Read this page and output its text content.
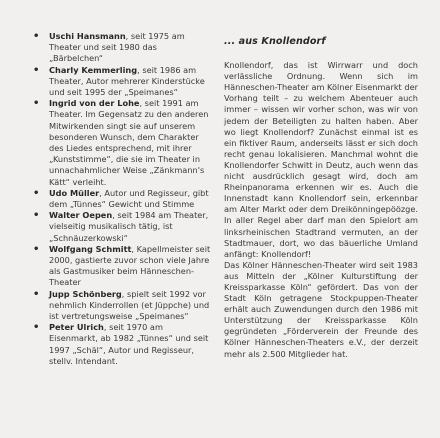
• Uschi Hansmann, seit 1975 am Theater und seit 1980 das „Bärbelchen“
• Charly Kemmerling, seit 1986 am Theater, Autor mehrerer Kinderstücke und seit 1995 der „Speimanes“
• Ingrid von der Lohe, seit 1991 am Theater. Im Gegensatz zu den anderen Mitwirkenden singt sie auf unserem besonderen Wunsch, dem Charakter des Liedes entsprechend, mit ihrer „Kunststimme“, die sie im Theater in unnachahmlicher Weise „Zänkmann's Kätt“ verleiht.
• Udo Müller, Autor und Regisseur, gibt dem „Tünnes“ Gewicht und Stimme
• Walter Oepen, seit 1984 am Theater, vielseitig musikalisch tätig, ist „Schnäuzerkowski“
• Wolfgang Schmitt, Kapellmeister seit 2000, gastierte zuvor schon viele Jahre als Gastmusiker beim Hänneschen-Theater
• Jupp Schönberg, spielt seit 1992 vor nehmlich Kinderrollen (et Jüppche) und ist vertretungsweise „Speimanes“
• Peter Ulrich, seit 1970 am Eisenmarkt, ab 1982 „Tünnes“ und seit 1997 „Schäl“, Autor und Regisseur, stellv. Intendant.
... aus Knollendorf

Knollendorf, das ist Wirrwarr und doch verlässliche Ordnung. Wenn sich im Hänneschen-Theater am Kölner Eisenmarkt der Vorhang teilt – zu welchem Abenteuer auch immer – wissen wir vorher schon, was wir von jedem der Beteiligten zu halten haben. Aber wo liegt Knollendorf? Zunächst einmal ist es ein fiktiver Raum, anderseits lässt er sich doch recht genau lokalisieren. Manchmal wohnt die Knollendorfer Schwitt in Deutz, auch wenn das nicht ausdrücklich gesagt wird, doch am Rheinpanorama erkennen wir es. Auch die Innenstadt kann Knollendorf sein, erkennbar am Alter Markt oder dem Dreikönningepöözge. In aller Regel aber darf man den Spielort am linksrheinischen Stadtrand vermuten, an der Stadtmauer, dort, wo das bäuerliche Umland anfängt: Knollendorf!

Das Kölner Hänneschen-Theater wird seit 1983 aus Mitteln der „Kölner Kulturstiftung der Kreissparkasse Köln“ gefördert. Das von der Stadt Köln getragene Stockpuppen-Theater erhält auch Zuwendungen durch den 1986 mit Unterstützung der Kreissparkasse Köln gegründeten „Förderverein der Freunde des Kölner Hänneschen-Theaters e.V., der derzeit mehr als 2.500 Mitglieder hat.
